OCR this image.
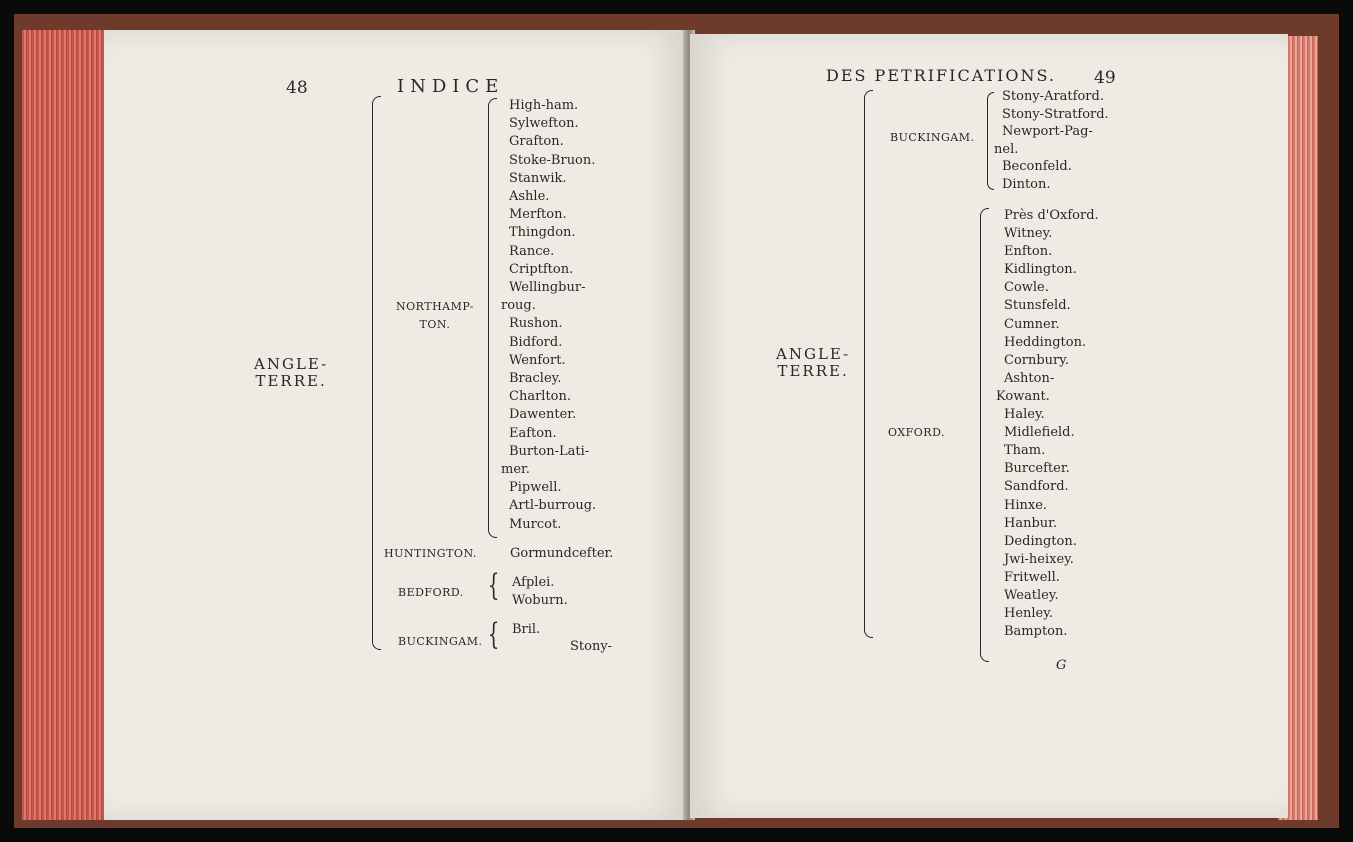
48	INDICE
ANGLE-
TERRE.
NORTHAMP-
TON.
High-ham.
Sylwefton.
Grafton.
Stoke-Bruon.
Stanwik.
Ashle.
Merfton.
Thingdon.
Rance.
Criptfton.
Wellingbur-
roug.
Rushon.
Bidford.
Wenfort.
Bracley.
Charlton.
Dawenter.
Eafton.
Burton-Lati-
mer.
Pipwell.
Artl-burroug.
Murcot.
HUNTINGTON.	Gormundcefter.
BEDFORD. { Afplei.
Woburn.
BUCKINGAM. { Bril.
Stony-
DES PETRIFICATIONS. 49
ANGLE-
TERRE.
BUCKINGAM.
Stony-Aratford.
Stony-Stratford.
Newport-Pag-
nel.
Beconfeld.
Dinton.
OXFORD.
Près d'Oxford.
Witney.
Enfton.
Kidlington.
Cowle.
Stunsfeld.
Cumner.
Heddington.
Cornbury.
Ashton-
Kowant.
Haley.
Midlefield.
Tham.
Burcefter.
Sandford.
Hinxe.
Hanbur.
Dedington.
Jwi-heixey.
Fritwell.
Weatley.
Henley.
Bampton.
G
